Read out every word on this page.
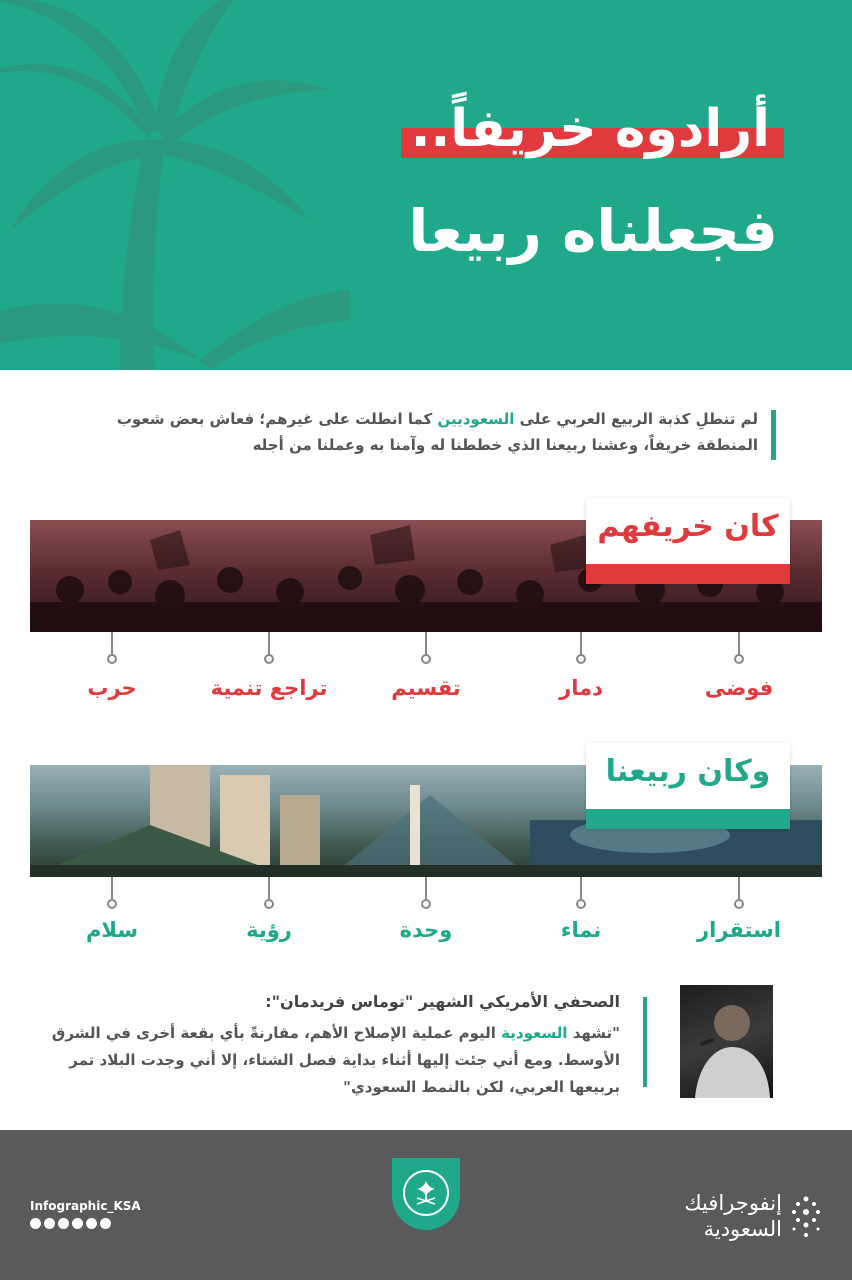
أرادوه خريفاً..
فجعلناه ربيعا

لم تنطلِ كذبة الربيع العربي على السعوديين كما انطلت على غيرهم؛ فعاش بعض شعوب المنطقة خريفاً، وعشنا ربيعنا الذي خططنا له وآمنا به وعملنا من أجله

كان خريفهم
فوضى
دمار
تقسيم
تراجع تنمية
حرب
وكان ربيعنا
استقرار
نماء
وحدة
رؤية
سلام
الصحفي الأمريكي الشهير "توماس فريدمان":
"تشهد السعودية اليوم عملية الإصلاح الأهم، مقارنةً بأي بقعة أخرى في الشرق الأوسط. ومع أني جئت إليها أثناء بداية فصل الشتاء، إلا أني وجدت البلاد تمر بربيعها العربي، لكن بالنمط السعودي"
إنفوجرافيك
السعودية
Infographic_KSA
